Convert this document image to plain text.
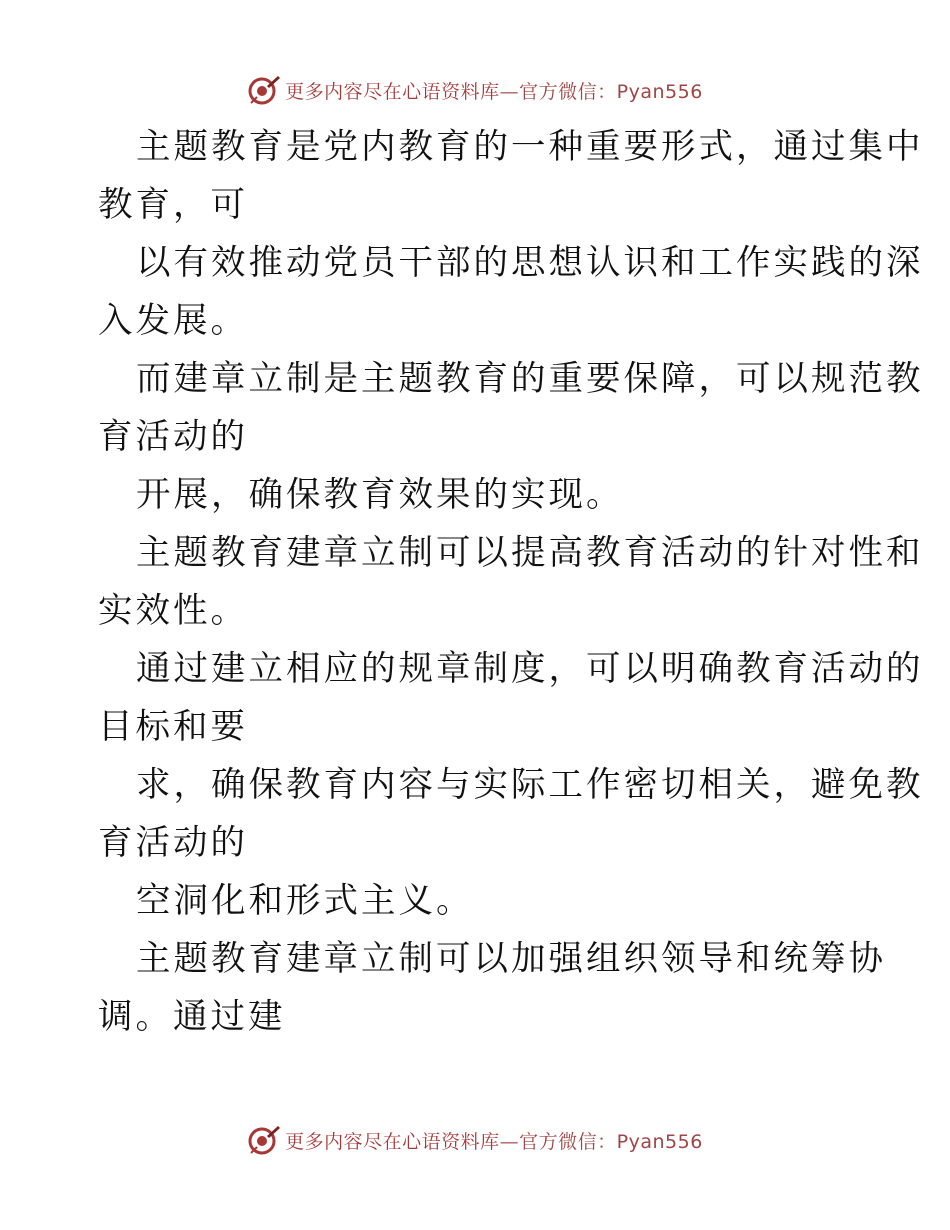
更多内容尽在心语资料库—官方微信：Pyan556
主题教育是党内教育的一种重要形式，通过集中
教育，可
以有效推动党员干部的思想认识和工作实践的深
入发展。
而建章立制是主题教育的重要保障，可以规范教
育活动的
开展，确保教育效果的实现。
主题教育建章立制可以提高教育活动的针对性和
实效性。
通过建立相应的规章制度，可以明确教育活动的
目标和要
求，确保教育内容与实际工作密切相关，避免教
育活动的
空洞化和形式主义。
主题教育建章立制可以加强组织领导和统筹协
调。通过建
更多内容尽在心语资料库—官方微信：Pyan556
